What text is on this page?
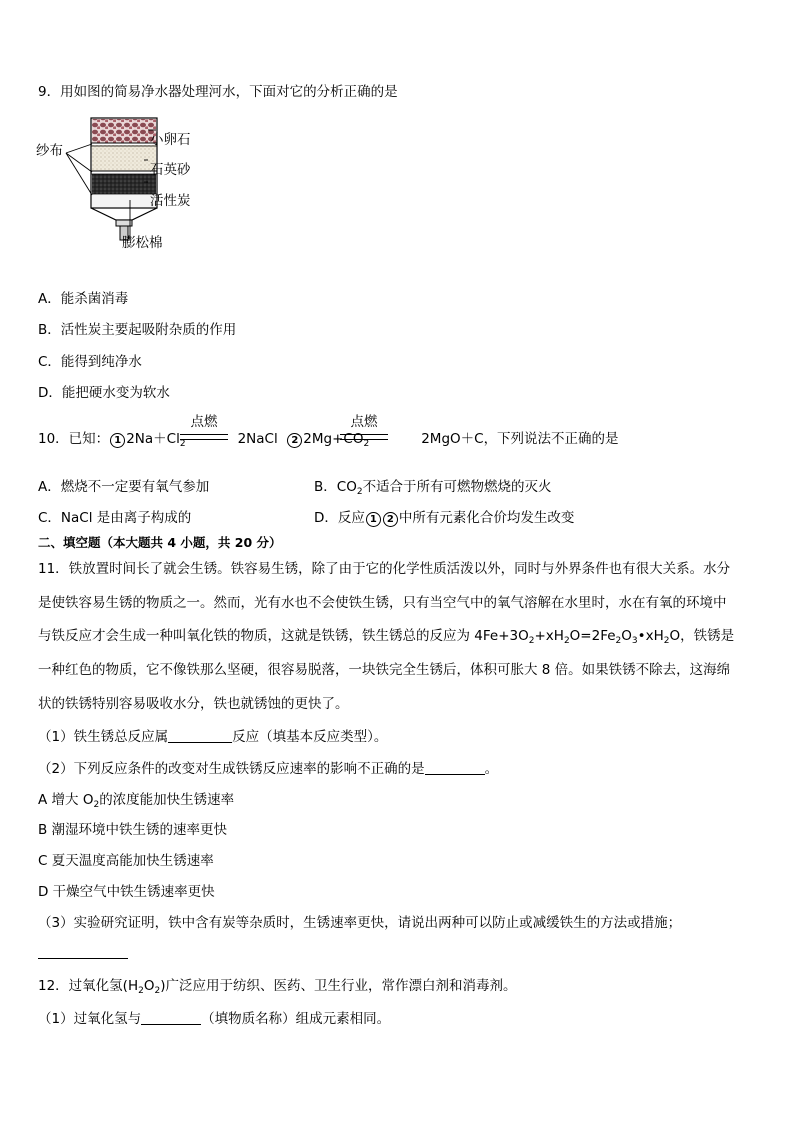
9．用如图的简易净水器处理河水，下面对它的分析正确的是
纱布
小卵石
石英砂
活性炭
膨松棉
A．能杀菌消毒
B．活性炭主要起吸附杂质的作用
C．能得到纯净水
D．能把硬水变为软水
10．已知： 1 $2Na+Cl_2$	2NaCl 2 $2Mg+CO_2$	2MgO＋C，下列说法不正确的是
点燃	点燃
A．燃烧不一定要有氧气参加	B．$CO_2$不适合于所有可燃物燃烧的灭火
C．NaCl 是由离子构成的	D．反应 1 2 中所有元素化合价均发生改变
二、填空题（本大题共 4 小题，共 20 分）
11．铁放置时间长了就会生锈。铁容易生锈，除了由于它的化学性质活泼以外，同时与外界条件也有很大关系。水分
是使铁容易生锈的物质之一。然而，光有水也不会使铁生锈，只有当空气中的氧气溶解在水里时，水在有氧的环境中
与铁反应才会生成一种叫氧化铁的物质，这就是铁锈，铁生锈总的反应为 $4Fe+3O_2+xH_2O=2Fe_2O_3•xH_2O$，铁锈是
一种红色的物质，它不像铁那么坚硬，很容易脱落，一块铁完全生锈后，体积可胀大 8 倍。如果铁锈不除去，这海绵
状的铁锈特别容易吸收水分，铁也就锈蚀的更快了。
（1）铁生锈总反应属	反应（填基本反应类型）。
（2）下列反应条件的改变对生成铁锈反应速率的影响不正确的是	。
A 增大 $O_2$的浓度能加快生锈速率
B 潮湿环境中铁生锈的速率更快
C 夏天温度高能加快生锈速率
D 干燥空气中铁生锈速率更快
（3）实验研究证明，铁中含有炭等杂质时，生锈速率更快，请说出两种可以防止或减缓铁生的方法或措施；
12．过氧化氢$(H_2O_2)$广泛应用于纺织、医药、卫生行业，常作漂白剂和消毒剂。
（1）过氧化氢与	（填物质名称）组成元素相同。
